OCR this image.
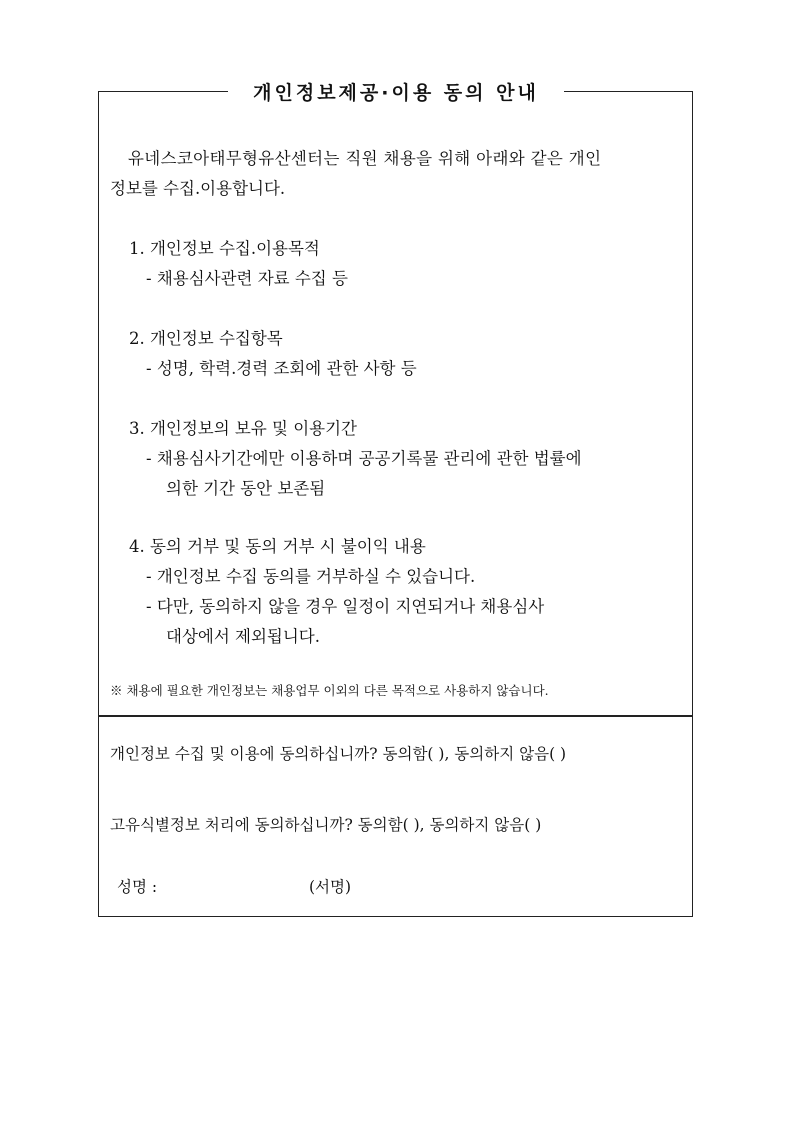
개인정보제공·이용 동의 안내
유네스코아태무형유산센터는 직원 채용을 위해 아래와 같은 개인
정보를 수집.이용합니다.
1. 개인정보 수집.이용목적
- 채용심사관련 자료 수집 등
2. 개인정보 수집항목
- 성명, 학력.경력 조회에 관한 사항 등
3. 개인정보의 보유 및 이용기간
- 채용심사기간에만 이용하며 공공기록물 관리에 관한 법률에
의한 기간 동안 보존됨
4. 동의 거부 및 동의 거부 시 불이익 내용
- 개인정보 수집 동의를 거부하실 수 있습니다.
- 다만, 동의하지 않을 경우 일정이 지연되거나 채용심사
대상에서 제외됩니다.
※ 채용에 필요한 개인정보는 채용업무 이외의 다른 목적으로 사용하지 않습니다.
개인정보 수집 및 이용에 동의하십니까? 동의함( ), 동의하지 않음( )
고유식별정보 처리에 동의하십니까? 동의함( ), 동의하지 않음( )
성명 :	(서명)
